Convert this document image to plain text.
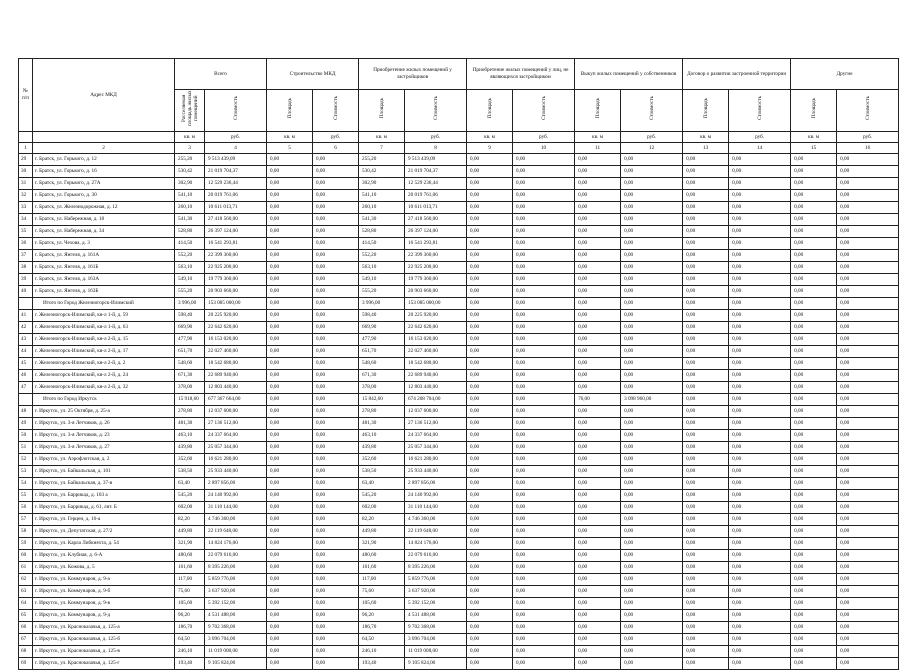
№ п/п	Адрес МКД	Всего		Строительство МКД		Приобретение жилых помещений у застройщиков		Приобретение жилых помещений у лиц, не являющихся застройщиком		Выкуп жилых помещений у собственников		Договор о развитии застроенной территории		Другие	
		Расселяемая площадь жилых помещений	Стоимость	Площадь	Стоимость	Площадь	Стоимость	Площадь	Стоимость	Площадь	Стоимость	Площадь	Стоимость	Площадь	Стоимость
		кв. м	руб.	кв. м	руб.	кв. м	руб.	кв. м	руб.	кв. м	руб.	кв. м	руб.	кв. м	руб.
1	2	3	4	5	6	7	8	9	10	11	12	13	14	15	16
29	г. Братск, ул. Горького, д. 12	255,20	9 513 439,09	0,00	0,00	255,20	9 513 439,09	0,00	0,00	0,00	0,00	0,00	0,00	0,00	0,00
30	г. Братск, ул. Горького, д. 16	530,42	21 019 704,37	0,00	0,00	530,42	21 019 704,37	0,00	0,00	0,00	0,00	0,00	0,00	0,00	0,00
31	г. Братск, ул. Горького, д. 27А	302,90	12 529 236,44	0,00	0,00	302,90	12 529 236,44	0,00	0,00	0,00	0,00	0,00	0,00	0,00	0,00
32	г. Братск, ул. Горького, д. 30	541,10	20 019 761,06	0,00	0,00	541,10	20 019 761,06	0,00	0,00	0,00	0,00	0,00	0,00	0,00	0,00
33	г. Братск, ул. Железнодорожная, д. 12	260,10	10 611 013,71	0,00	0,00	260,10	10 611 013,71	0,00	0,00	0,00	0,00	0,00	0,00	0,00	0,00
34	г. Братск, ул. Набережная, д. 18	541,30	27 418 560,00	0,00	0,00	541,30	27 418 560,00	0,00	0,00	0,00	0,00	0,00	0,00	0,00	0,00
35	г. Братск, ул. Набережная, д. 34	528,80	26 397 124,00	0,00	0,00	528,80	26 397 124,00	0,00	0,00	0,00	0,00	0,00	0,00	0,00	0,00
36	г. Братск, ул. Чехова, д. 3	414,50	16 541 293,81	0,00	0,00	414,50	16 541 293,81	0,00	0,00	0,00	0,00	0,00	0,00	0,00	0,00
37	г. Братск, ул. Янгеля, д. 161А	552,20	22 399 360,00	0,00	0,00	552,20	22 399 360,00	0,00	0,00	0,00	0,00	0,00	0,00	0,00	0,00
38	г. Братск, ул. Янгеля, д. 161Б	563,10	22 925 200,00	0,00	0,00	563,10	22 925 200,00	0,00	0,00	0,00	0,00	0,00	0,00	0,00	0,00
39	г. Братск, ул. Янгеля, д. 163А	549,10	19 779 360,00	0,00	0,00	549,10	19 779 360,00	0,00	0,00	0,00	0,00	0,00	0,00	0,00	0,00
40	г. Братск, ул. Янгеля, д. 163Б	555,20	20 903 660,00	0,00	0,00	555,20	20 903 660,00	0,00	0,00	0,00	0,00	0,00	0,00	0,00	0,00
	Итого по Город Железногорск-Илимский	3 996,00	153 085 000,00	0,00	0,00	3 996,00	153 085 000,00	0,00	0,00	0,00	0,00	0,00	0,00	0,00	0,00
41	г. Железногорск-Илимский, кв-л 1-й, д. 59	598,40	20 225 920,00	0,00	0,00	598,40	20 225 920,00	0,00	0,00	0,00	0,00	0,00	0,00	0,00	0,00
42	г. Железногорск-Илимский, кв-л 1-й, д. 63	669,90	22 642 620,00	0,00	0,00	669,90	22 642 620,00	0,00	0,00	0,00	0,00	0,00	0,00	0,00	0,00
43	г. Железногорск-Илимский, кв-л 2-й, д. 15	477,90	16 153 020,00	0,00	0,00	477,90	16 153 020,00	0,00	0,00	0,00	0,00	0,00	0,00	0,00	0,00
44	г. Железногорск-Илимский, кв-л 2-й, д. 17	651,70	22 027 460,00	0,00	0,00	651,70	22 027 460,00	0,00	0,00	0,00	0,00	0,00	0,00	0,00	0,00
45	г. Железногорск-Илимский, кв-л 2-й, д. 2	548,60	18 542 680,00	0,00	0,00	548,60	18 542 680,00	0,00	0,00	0,00	0,00	0,00	0,00	0,00	0,00
46	г. Железногорск-Илимский, кв-л 2-й, д. 24	671,30	22 689 940,00	0,00	0,00	671,30	22 689 940,00	0,00	0,00	0,00	0,00	0,00	0,00	0,00	0,00
47	г. Железногорск-Илимский, кв-л 2-й, д. 32	378,00	12 803 440,00	0,00	0,00	378,00	12 803 440,00	0,00	0,00	0,00	0,00	0,00	0,00	0,00	0,00
	Итого по Город Иркутск	15 918,60	677 367 664,00	0,00	0,00	15 842,60	674 208 704,00	0,00	0,00	76,00	3 098 960,00	0,00	0,00	0,00	0,00
48	г. Иркутск, ул. 25 Октября, д. 25-а	278,80	12 037 600,00	0,00	0,00	278,80	12 037 600,00	0,00	0,00	0,00	0,00	0,00	0,00	0,00	0,00
49	г. Иркутск, ул. 3-я Летчиков, д. 26	481,30	27 136 512,00	0,00	0,00	481,30	27 136 512,00	0,00	0,00	0,00	0,00	0,00	0,00	0,00	0,00
50	г. Иркутск, ул. 3-я Летчиков, д. 23	463,10	24 337 664,00	0,00	0,00	463,10	24 337 664,00	0,00	0,00	0,00	0,00	0,00	0,00	0,00	0,00
51	г. Иркутск, ул. 3-я Летчиков, д. 27	439,80	25 057 344,00	0,00	0,00	439,80	25 057 344,00	0,00	0,00	0,00	0,00	0,00	0,00	0,00	0,00
52	г. Иркутск, ул. Аэрофлотская, д. 2	352,60	16 621 280,00	0,00	0,00	352,60	16 621 280,00	0,00	0,00	0,00	0,00	0,00	0,00	0,00	0,00
53	г. Иркутск, ул. Байкальская, д. 101	538,50	25 933 440,00	0,00	0,00	538,50	25 933 440,00	0,00	0,00	0,00	0,00	0,00	0,00	0,00	0,00
54	г. Иркутск, ул. Байкальская, д. 37-в	63,40	2 897 856,00	0,00	0,00	63,40	2 897 856,00	0,00	0,00	0,00	0,00	0,00	0,00	0,00	0,00
55	г. Иркутск, ул. Баррикад, д. 103 а	545,20	24 140 992,00	0,00	0,00	545,20	24 140 992,00	0,00	0,00	0,00	0,00	0,00	0,00	0,00	0,00
56	г. Иркутск, ул. Баррикад, д. 61, лит. Б	602,00	31 110 144,00	0,00	0,00	602,00	31 110 144,00	0,00	0,00	0,00	0,00	0,00	0,00	0,00	0,00
57	г. Иркутск, ул. Герцен, д. 16-а	82,20	4 746 360,00	0,00	0,00	82,20	4 746 360,00	0,00	0,00	0,00	0,00	0,00	0,00	0,00	0,00
58	г. Иркутск, ул. Депутатская, д. 27/2	449,80	22 119 648,00	0,00	0,00	449,80	22 119 648,00	0,00	0,00	0,00	0,00	0,00	0,00	0,00	0,00
59	г. Иркутск, ул. Карла Либкнехта, д. 54	321,90	14 824 176,00	0,00	0,00	321,90	14 824 176,00	0,00	0,00	0,00	0,00	0,00	0,00	0,00	0,00
60	г. Иркутск, ул. Клубная, д. 6-А	480,60	22 079 616,00	0,00	0,00	480,60	22 079 616,00	0,00	0,00	0,00	0,00	0,00	0,00	0,00	0,00
61	г. Иркутск, ул. Кожова, д. 5	161,60	8 395 226,00	0,00	0,00	161,60	8 395 226,00	0,00	0,00	0,00	0,00	0,00	0,00	0,00	0,00
62	г. Иркутск, ул. Коммунаров, д. 9-а	117,00	5 859 776,00	0,00	0,00	117,00	5 859 776,00	0,00	0,00	0,00	0,00	0,00	0,00	0,00	0,00
63	г. Иркутск, ул. Коммунаров, д. 9-б	75,60	3 637 920,00	0,00	0,00	75,60	3 637 920,00	0,00	0,00	0,00	0,00	0,00	0,00	0,00	0,00
64	г. Иркутск, ул. Коммунаров, д. 9-в	105,60	5 392 152,00	0,00	0,00	105,60	5 392 152,00	0,00	0,00	0,00	0,00	0,00	0,00	0,00	0,00
65	г. Иркутск, ул. Коммунаров, д. 9-д	96,20	4 531 488,00	0,00	0,00	96,20	4 531 488,00	0,00	0,00	0,00	0,00	0,00	0,00	0,00	0,00
66	г. Иркутск, ул. Красноказачья, д. 125-а	186,70	9 702 368,00	0,00	0,00	186,70	9 702 368,00	0,00	0,00	0,00	0,00	0,00	0,00	0,00	0,00
67	г. Иркутск, ул. Красноказачья, д. 125-б	64,50	3 096 704,00	0,00	0,00	64,50	3 096 704,00	0,00	0,00	0,00	0,00	0,00	0,00	0,00	0,00
68	г. Иркутск, ул. Красноказачья, д. 125-в	246,10	11 019 008,00	0,00	0,00	246,10	11 019 008,00	0,00	0,00	0,00	0,00	0,00	0,00	0,00	0,00
69	г. Иркутск, ул. Красноказачья, д. 125-г	193,40	9 105 824,00	0,00	0,00	193,40	9 105 824,00	0,00	0,00	0,00	0,00	0,00	0,00	0,00	0,00
